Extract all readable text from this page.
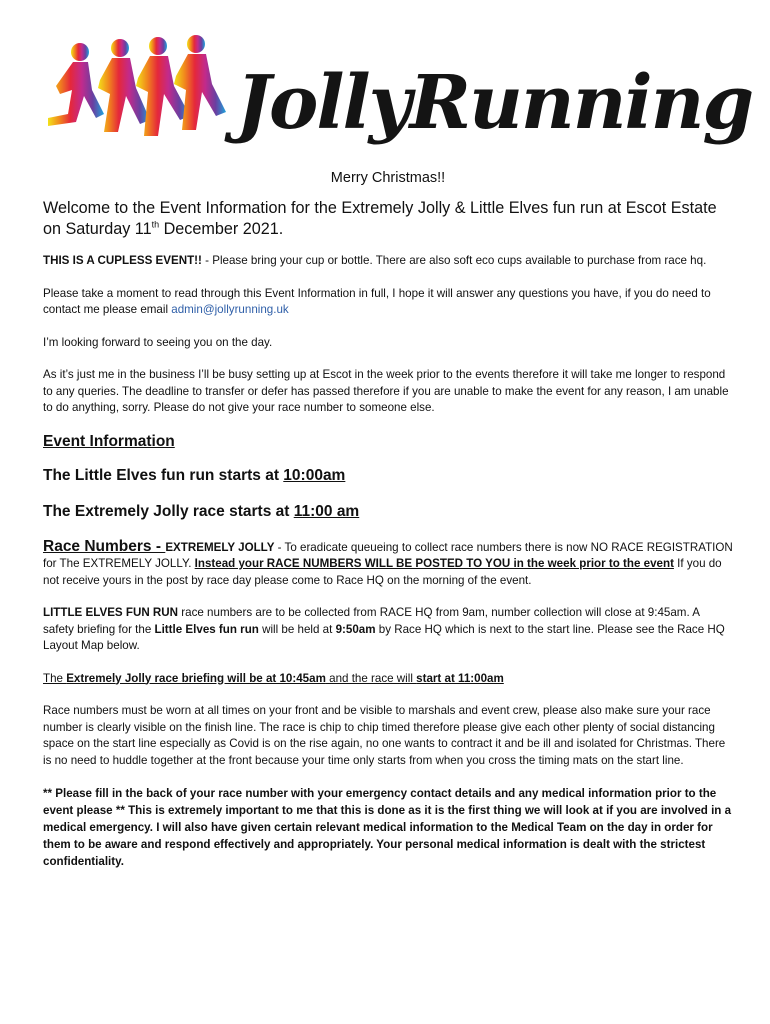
JollyRunning

Merry Christmas!!

Welcome to the Event Information for the Extremely Jolly & Little Elves fun run at Escot Estate on Saturday 11th December 2021.

THIS IS A CUPLESS EVENT!! - Please bring your cup or bottle. There are also soft eco cups available to purchase from race hq.

Please take a moment to read through this Event Information in full, I hope it will answer any questions you have, if you do need to contact me please email admin@jollyrunning.uk

I’m looking forward to seeing you on the day.

As it’s just me in the business I’ll be busy setting up at Escot in the week prior to the events therefore it will take me longer to respond to any queries. The deadline to transfer or defer has passed therefore if you are unable to make the event for any reason, I am unable to do anything, sorry. Please do not give your race number to someone else.

Event Information
The Little Elves fun run starts at 10:00am
The Extremely Jolly race starts at 11:00 am

Race Numbers - EXTREMELY JOLLY - To eradicate queueing to collect race numbers there is now NO RACE REGISTRATION for The EXTREMELY JOLLY. Instead your RACE NUMBERS WILL BE POSTED TO YOU in the week prior to the event If you do not receive yours in the post by race day please come to Race HQ on the morning of the event.

LITTLE ELVES FUN RUN race numbers are to be collected from RACE HQ from 9am, number collection will close at 9:45am. A safety briefing for the Little Elves fun run will be held at 9:50am by Race HQ which is next to the start line. Please see the Race HQ Layout Map below.

The Extremely Jolly race briefing will be at 10:45am and the race will start at 11:00am

Race numbers must be worn at all times on your front and be visible to marshals and event crew, please also make sure your race number is clearly visible on the finish line. The race is chip to chip timed therefore please give each other plenty of social distancing space on the start line especially as Covid is on the rise again, no one wants to contract it and be ill and isolated for Christmas. There is no need to huddle together at the front because your time only starts from when you cross the timing mats on the start line.

** Please fill in the back of your race number with your emergency contact details and any medical information prior to the event please ** This is extremely important to me that this is done as it is the first thing we will look at if you are involved in a medical emergency. I will also have given certain relevant medical information to the Medical Team on the day in order for them to be aware and respond effectively and appropriately. Your personal medical information is dealt with the strictest confidentiality.
